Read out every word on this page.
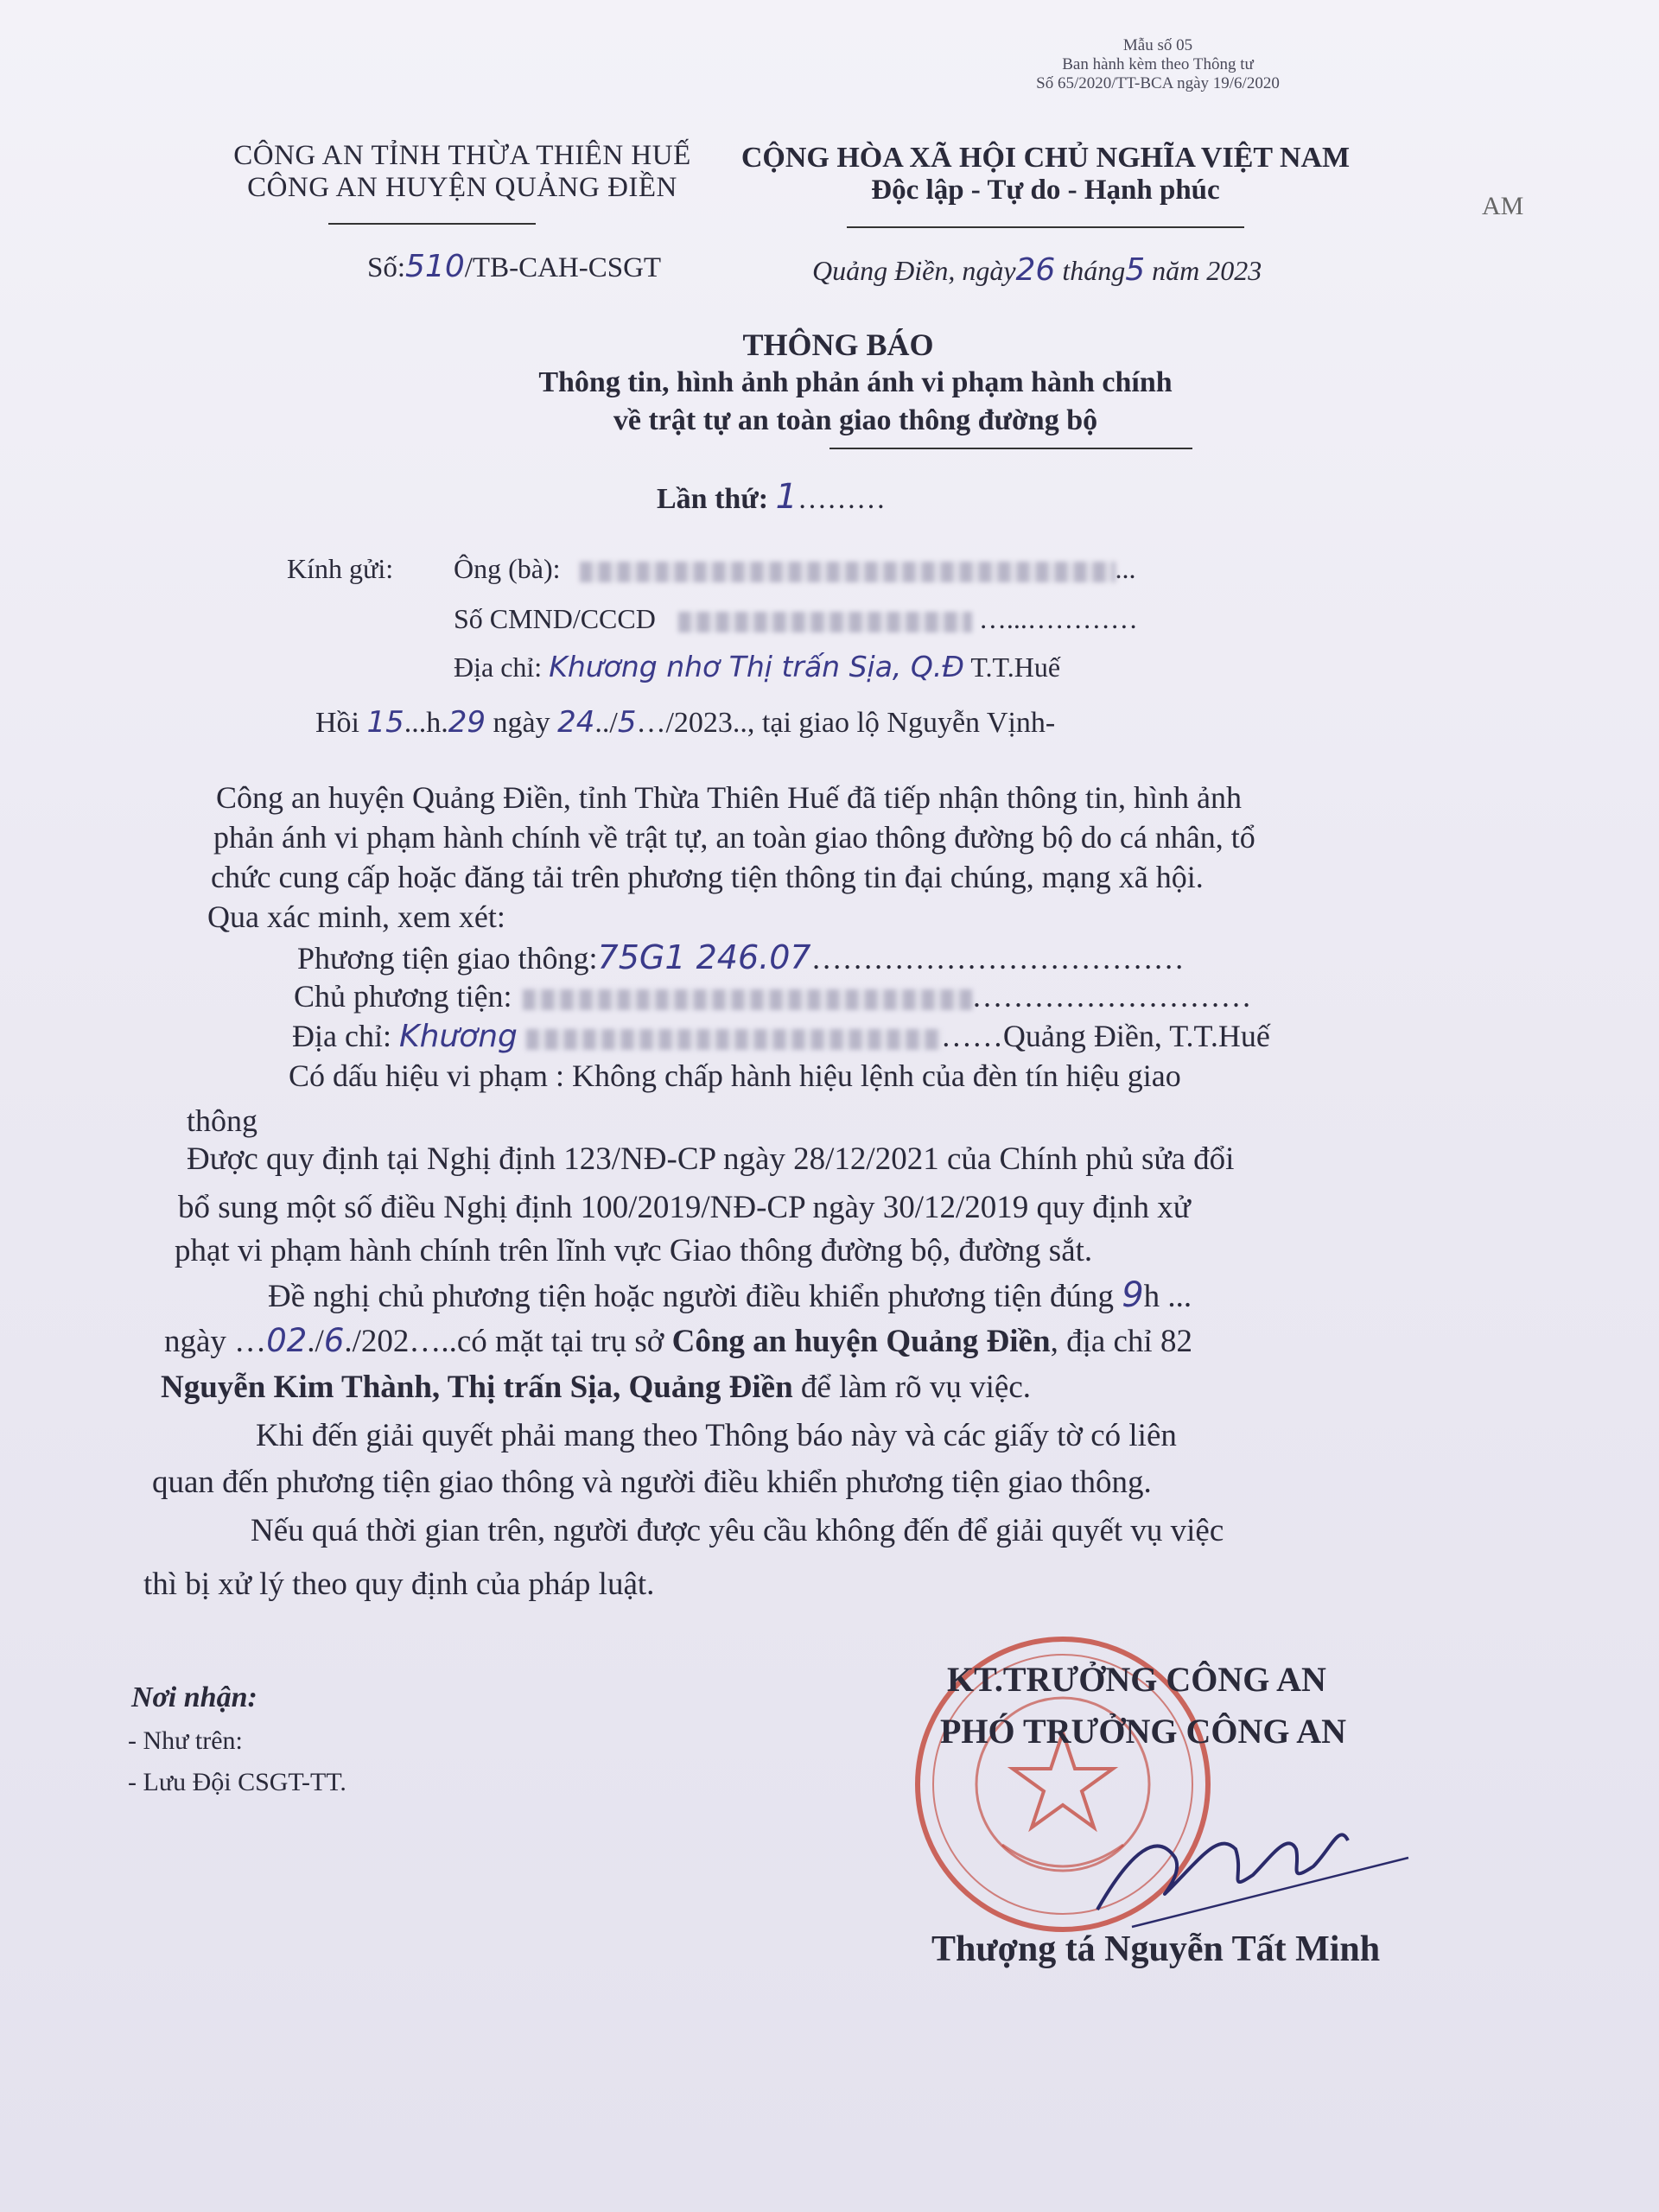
Mẫu số 05
Ban hành kèm theo Thông tư
Số 65/2020/TT-BCA ngày 19/6/2020
CÔNG AN TỈNH THỪA THIÊN HUẾ
CÔNG AN HUYỆN QUẢNG ĐIỀN
CỘNG HÒA XÃ HỘI CHỦ NGHĨA VIỆT NAM
Độc lập - Tự do - Hạnh phúc
AM
Số:510/TB-CAH-CSGT	Quảng Điền, ngày26 tháng5 năm 2023
THÔNG BÁO
Thông tin, hình ảnh phản ánh vi phạm hành chính
về trật tự an toàn giao thông đường bộ
Lần thứ: 1………
Kính gửi: Ông (bà):	...
Số CMND/CCCD	…...…………
Địa chỉ: Khương nhơ Thị trấn Sịa, Q.Đ T.T.Huế
Hồi 15...h.29 ngày 24../5…/2023.., tại giao lộ Nguyễn Vịnh-
Công an huyện Quảng Điền, tỉnh Thừa Thiên Huế đã tiếp nhận thông tin, hình ảnh
phản ánh vi phạm hành chính về trật tự, an toàn giao thông đường bộ do cá nhân, tổ
chức cung cấp hoặc đăng tải trên phương tiện thông tin đại chúng, mạng xã hội.
Qua xác minh, xem xét:
Phương tiện giao thông:75G1 246.07………………………………
Chủ phương tiện:	………………………
Địa chỉ: Khương	……Quảng Điền, T.T.Huế
Có dấu hiệu vi phạm : Không chấp hành hiệu lệnh của đèn tín hiệu giao
thông
Được quy định tại Nghị định 123/NĐ-CP ngày 28/12/2021 của Chính phủ sửa đổi
bổ sung một số điều Nghị định 100/2019/NĐ-CP ngày 30/12/2019 quy định xử
phạt vi phạm hành chính trên lĩnh vực Giao thông đường bộ, đường sắt.
Đề nghị chủ phương tiện hoặc người điều khiển phương tiện đúng 9h ...
ngày …02./6./202…..có mặt tại trụ sở Công an huyện Quảng Điền, địa chỉ 82
Nguyễn Kim Thành, Thị trấn Sịa, Quảng Điền để làm rõ vụ việc.
Khi đến giải quyết phải mang theo Thông báo này và các giấy tờ có liên
quan đến phương tiện giao thông và người điều khiển phương tiện giao thông.
Nếu quá thời gian trên, người được yêu cầu không đến để giải quyết vụ việc
thì bị xử lý theo quy định của pháp luật.
Nơi nhận:
- Như trên:
- Lưu Đội CSGT-TT.
KT.TRƯỞNG CÔNG AN
PHÓ TRƯỞNG CÔNG AN
Thượng tá Nguyễn Tất Minh
